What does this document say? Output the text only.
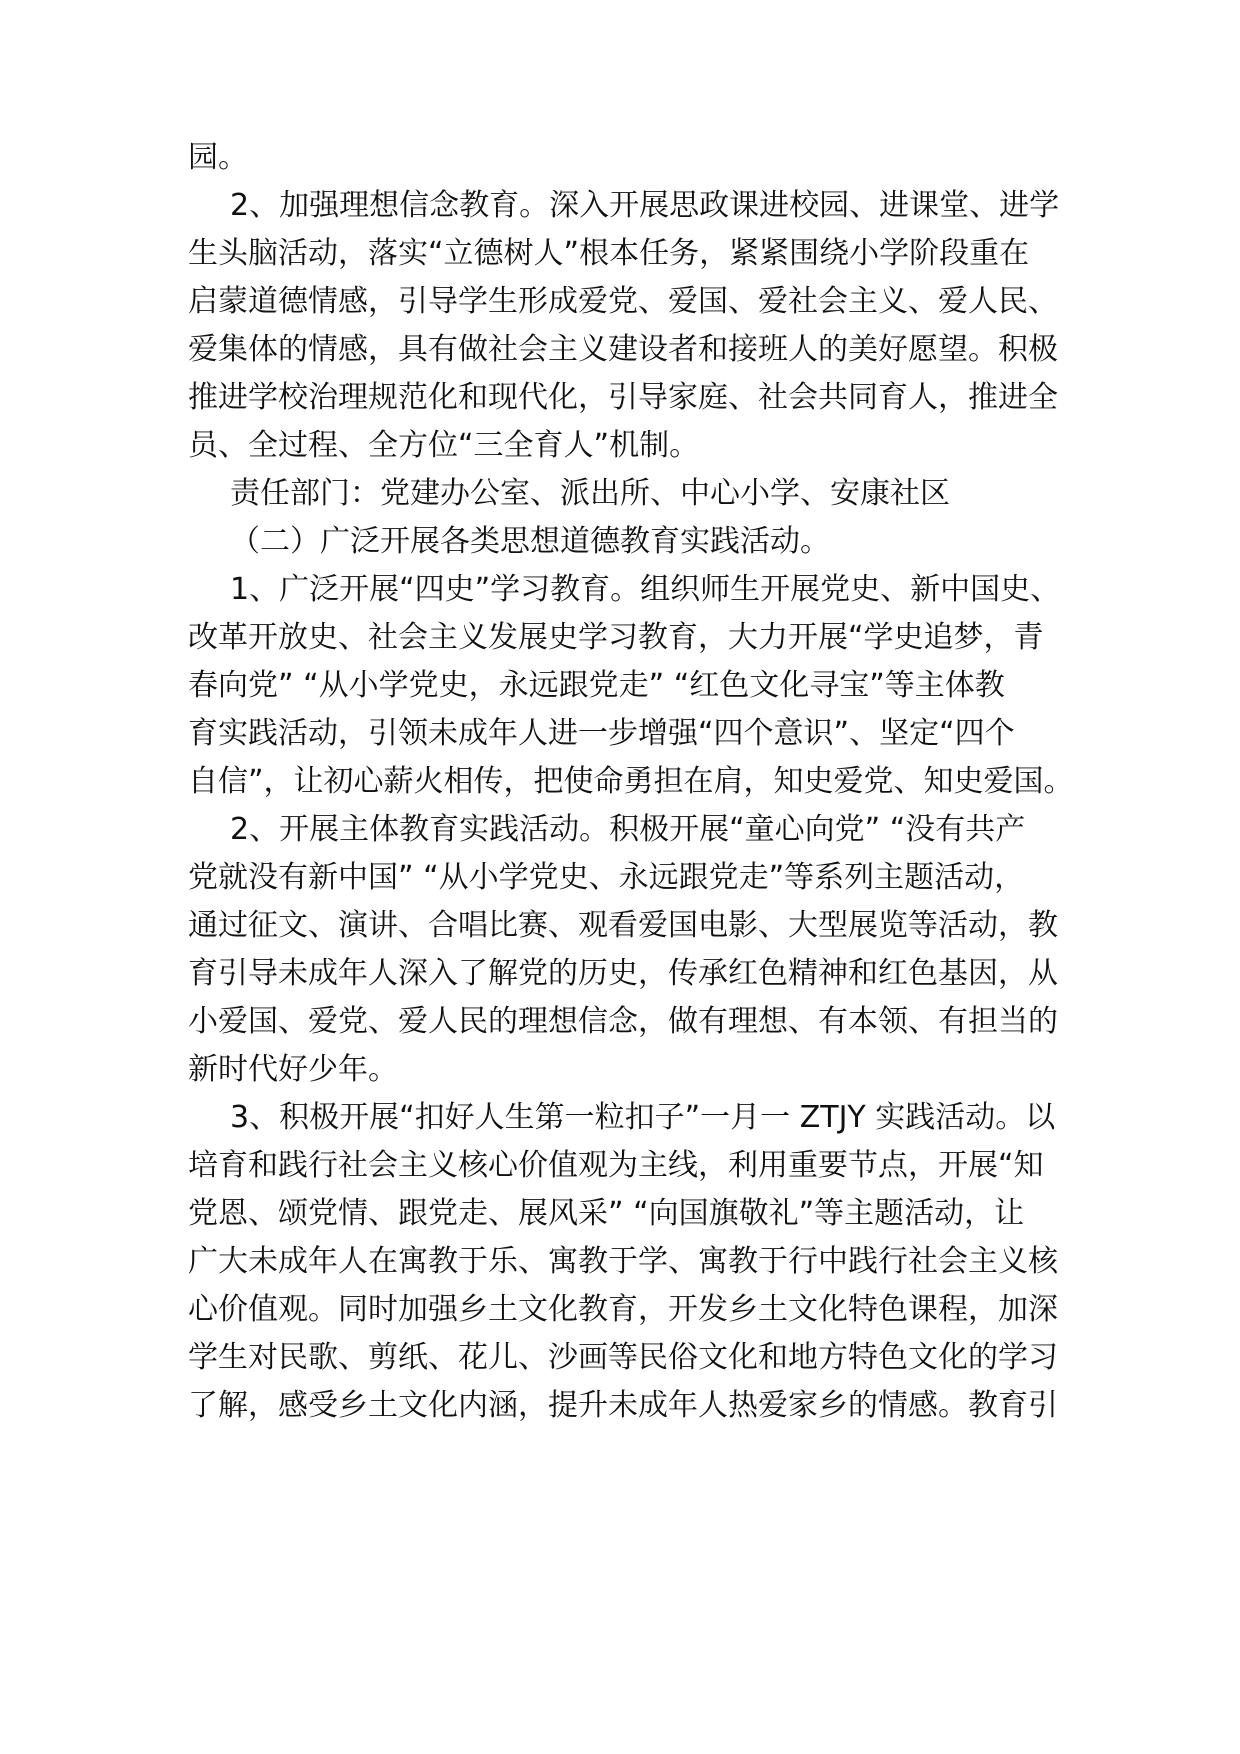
园。

2、加强理想信念教育。深入开展思政课进校园、进课堂、进学

生头脑活动，落实“立德树人”根本任务，紧紧围绕小学阶段重在

启蒙道德情感，引导学生形成爱党、爱国、爱社会主义、爱人民、

爱集体的情感，具有做社会主义建设者和接班人的美好愿望。积极

推进学校治理规范化和现代化，引导家庭、社会共同育人，推进全

员、全过程、全方位“三全育人”机制。

责任部门：党建办公室、派出所、中心小学、安康社区

（二）广泛开展各类思想道德教育实践活动。

1、广泛开展“四史”学习教育。组织师生开展党史、新中国史、

改革开放史、社会主义发展史学习教育，大力开展“学史追梦，青

春向党” “从小学党史，永远跟党走” “红色文化寻宝”等主体教

育实践活动，引领未成年人进一步增强“四个意识”、坚定“四个

自信”，让初心薪火相传，把使命勇担在肩，知史爱党、知史爱国。

2、开展主体教育实践活动。积极开展“童心向党” “没有共产

党就没有新中国” “从小学党史、永远跟党走”等系列主题活动，

通过征文、演讲、合唱比赛、观看爱国电影、大型展览等活动，教

育引导未成年人深入了解党的历史，传承红色精神和红色基因，从

小爱国、爱党、爱人民的理想信念，做有理想、有本领、有担当的

新时代好少年。

3、积极开展“扣好人生第一粒扣子”一月一 ZTJY 实践活动。以

培育和践行社会主义核心价值观为主线，利用重要节点，开展“知

党恩、颂党情、跟党走、展风采” “向国旗敬礼”等主题活动，让

广大未成年人在寓教于乐、寓教于学、寓教于行中践行社会主义核

心价值观。同时加强乡土文化教育，开发乡土文化特色课程，加深

学生对民歌、剪纸、花儿、沙画等民俗文化和地方特色文化的学习

了解，感受乡土文化内涵，提升未成年人热爱家乡的情感。教育引
